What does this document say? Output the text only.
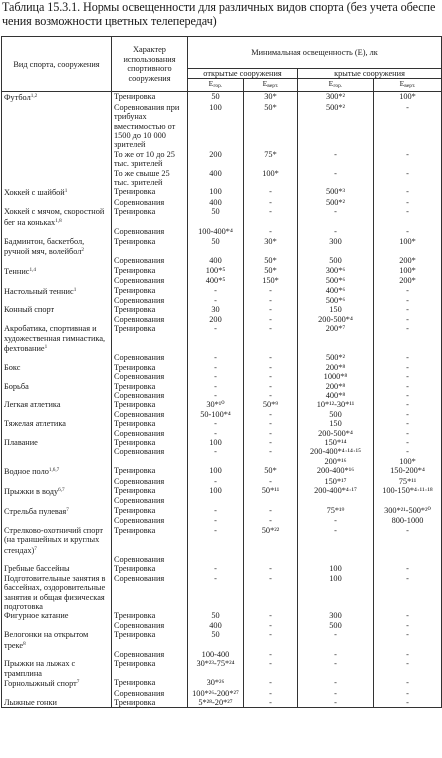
Таблица 15.3.1. Нормы освещенности для различных видов спорта (без учета обеспе
чения возможности цветных телепередач)
Вид спорта, сооружения	Характер использования спортивного сооружения	Минимальная освещенность (Е), лк			
		открытые сооружения		крытые сооружения	
		Eгор.	Eверт.	Eгор.	Eверт.
Футбол$^{1,2}$	Тренировка	50	30*	300*²	100*
	Соревнования при трибунах вместимостью от 1500 до 10 000 зрителей	100	50*	500*²	-
	То же от 10 до 25 тыс. зрителей	200	75*	-	-
	То же свыше 25 тыс. зрителей	400	100*	-	-
Хоккей с шайбой$^1$	Тренировка	100	-	500*³	-
	Соревнования	400	-	500*²	-
Хоккей с мячом, скоростной бег на коньках$^{1,8}$	Тренировка	50	-	-	-
	Соревнования	100-400*⁴	-	-	-
Бадминтон, баскетбол, ручной мяч, волейбол$^2$	Тренировка	50	30*	300	100*
	Соревнования	400	50*	500	200*
Теннис$^{1,4}$	Тренировка	100*⁵	50*	300*⁶	100*
	Соревнования	400*⁵	150*	500*⁶	200*
Настольный теннис$^1$	Тренировка	-	-	400*⁶	-
	Соревнования	-	-	500*⁶	-
Конный спорт	Тренировка	30	-	150	-
	Соревнования	200	-	200-500*⁴	-
Акробатика, спортивная и художественная гимнастика, фехтование$^1$	Тренировка	-	-	200*⁷	-
	Соревнования	-	-	500*²	-
Бокс	Тренировка	-	-	200*⁸	-
	Соревнования	-	-	1000*⁸	-
Борьба	Тренировка	-	-	200*⁸	-
	Соревнования	-	-	400*⁸	-
Легкая атлетика	Тренировка	30*¹⁰	50*⁹	10*¹²-30*¹¹	-
	Соревнования	50-100*⁴	-	500	-
Тяжелая атлетика	Тренировка	-	-	150	-
	Соревнования	-	-	200-500*⁴	-
Плавание	Тренировка	100	-	150*¹⁴	-
	Соревнования	-	-	200-400*⁴·¹⁴·¹⁵	-
				200*¹⁶	100*
Водное поло$^{1,6,7}$	Тренировка	100	50*	200-400*¹⁶	150-200*⁴
	Соревнования	-	-	150*¹⁷	75*¹¹
Прыжки в воду$^{6,7}$	Тренировка	100	50*¹¹	200-400*⁴·¹⁷	100-150*⁴·¹¹·¹⁸
	Соревнования				
Стрельба пулевая$^7$	Тренировка	-	-	75*¹⁹	300*²¹-500*²⁰
	Соревнования	-	-	-	800-1000
Стрелково-охотничий спорт (на траншейных и круглых стендах)$^7$	Тренировка	-	50*²²	-	-
	Соревнования				
Гребные бассейны	Тренировка	-	-	100	-
Подготовительные занятия в бассейнах, оздоровительные занятия и общая физическая подготовка	Соревнования	-	-	100	-

Фигурное катание	Тренировка	50	-	300	-
	Соревнования	400	-	500	-
Велогонки на открытом треке$^8$	Тренировка	50	-	-	-
	Соревнования	100-400	-	-	-
Прыжки на лыжах с трамплина	Тренировка	30*²³-75*²⁴	-	-	-

Горнолыжный спорт$^7$	Тренировка	30*²⁶	-	-	-
	Соревнования	100*²⁶-200*²⁷	-	-	-
Лыжные гонки	Тренировка	5*²⁸-20*²⁷	-	-	-
